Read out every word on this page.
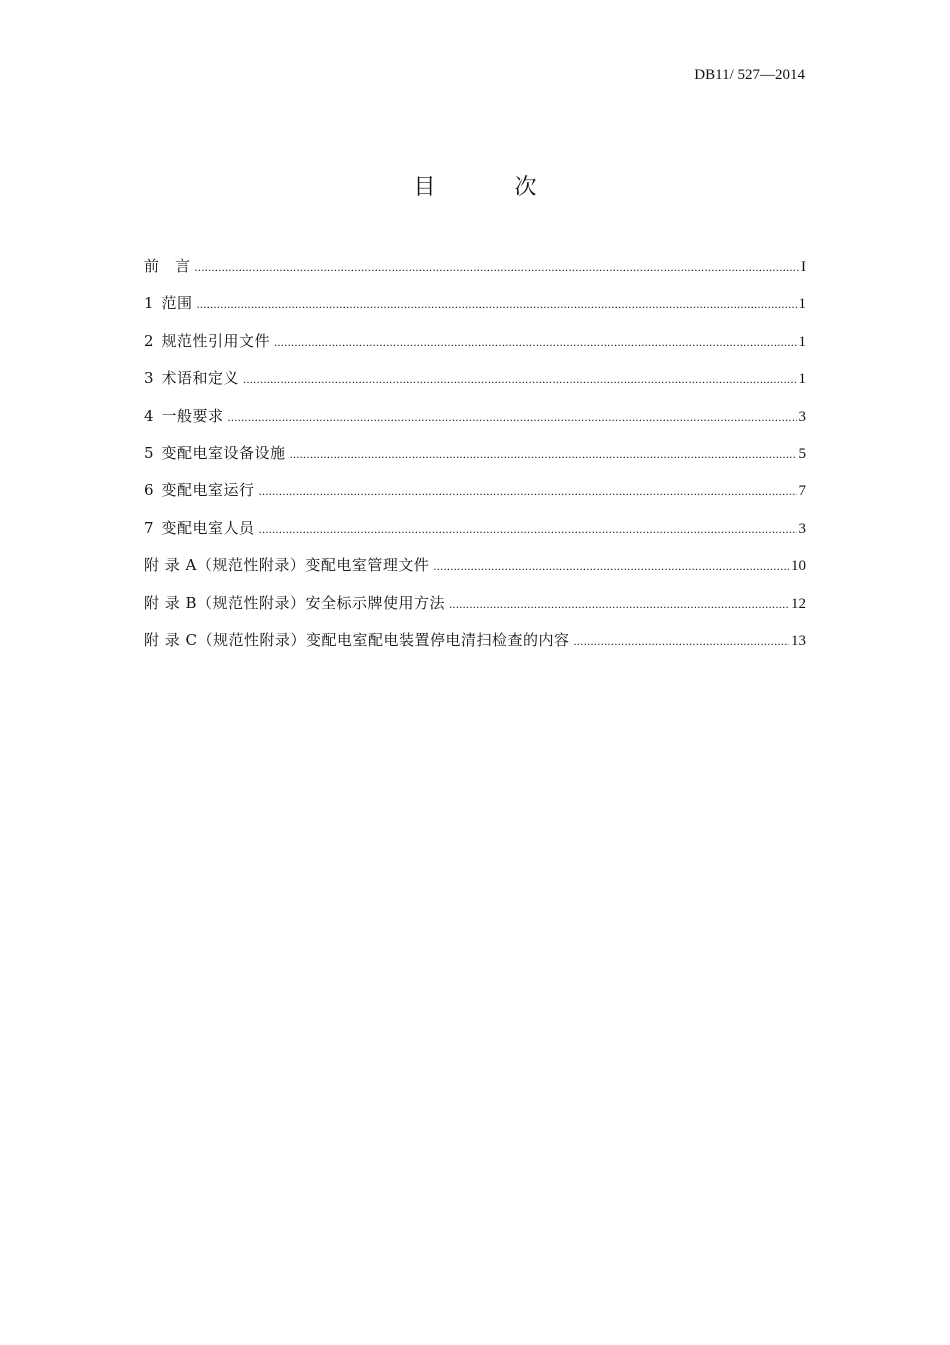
DB11/ 527—2014
目 次
前　言 .....	I
1 范围 .....	1
2 规范性引用文件 .....	1
3 术语和定义 .....	1
4 一般要求 .....	3
5 变配电室设备设施 .....	5
6 变配电室运行 .....	7
7 变配电室人员 .....	3
附 录 A（规范性附录）变配电室管理文件 .....	10
附 录 B（规范性附录）安全标示牌使用方法 .....	12
附 录 C（规范性附录）变配电室配电装置停电清扫检查的内容 .....	13
